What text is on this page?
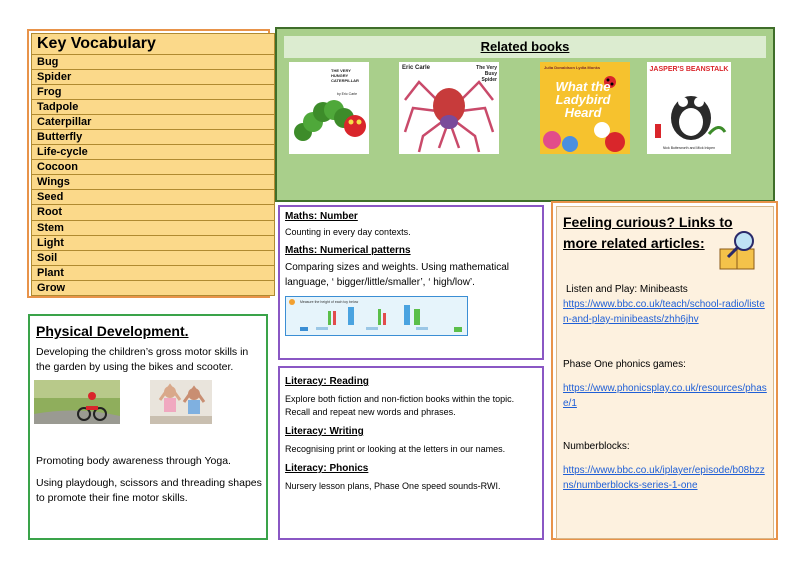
Key Vocabulary
Bug
Spider
Frog
Tadpole
Caterpillar
Butterfly
Life-cycle
Cocoon
Wings
Seed
Root
Stem
Light
Soil
Plant
Grow
Related books
THE VERY HUNGRY CATERPILLAR
by Eric Carle
Eric Carle	The Very Busy Spider
Julia Donaldson Lydia Monks
What the Ladybird Heard
JASPER'S BEANSTALK
Nick Butterworth and Mick Inkpen
Maths: Number
Counting in every day contexts.
Maths: Numerical patterns
Comparing sizes and weights. Using mathematical language, ‘ bigger/little/smaller’, ‘ high/low’.
Measure the height of each toy below
Literacy: Reading
Explore both fiction and non-fiction books within the topic. Recall and repeat new words and phrases.
Literacy: Writing
Recognising print or looking at the letters in our names.
Literacy: Phonics
Nursery lesson plans, Phase One speed sounds-RWI.
Physical Development.
Developing the children’s gross motor skills in the garden by using the bikes and scooter.
Promoting body awareness through Yoga.
Using playdough, scissors and threading shapes to promote their fine motor skills.
Feeling curious? Links to more related articles:
Listen and Play: Minibeasts
https://www.bbc.co.uk/teach/school-radio/listen-and-play-minibeasts/zhh6jhv
Phase One phonics games:
https://www.phonicsplay.co.uk/resources/phase/1
Numberblocks:
https://www.bbc.co.uk/iplayer/episode/b08bzzns/numberblocks-series-1-one
